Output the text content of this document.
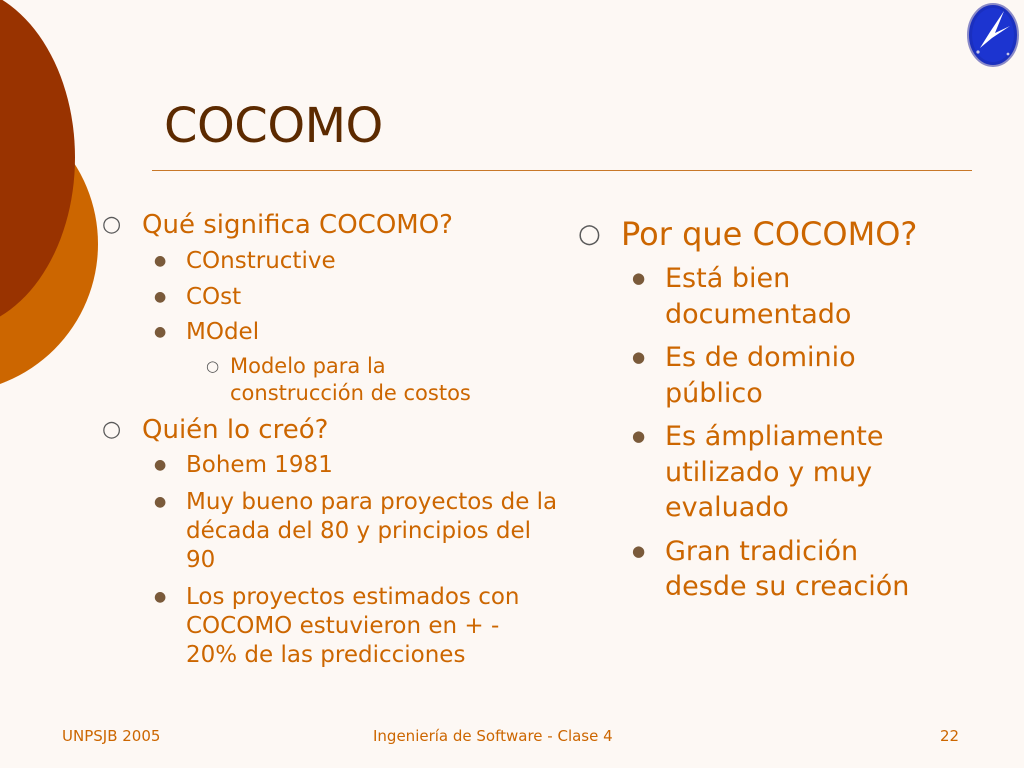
COCOMO
○ Qué significa COCOMO?
● COnstructive
● COst
● MOdel
○ Modelo para la construcción de costos
○ Quién lo creó?
● Bohem 1981
● Muy bueno para proyectos de la década del 80 y principios del 90
● Los proyectos estimados con COCOMO estuvieron en + - 20% de las predicciones
○ Por que COCOMO?
● Está bien documentado
● Es de dominio público
● Es ámpliamente utilizado y muy evaluado
● Gran tradición desde su creación
UNPSJB 2005	Ingeniería de Software - Clase 4	22
